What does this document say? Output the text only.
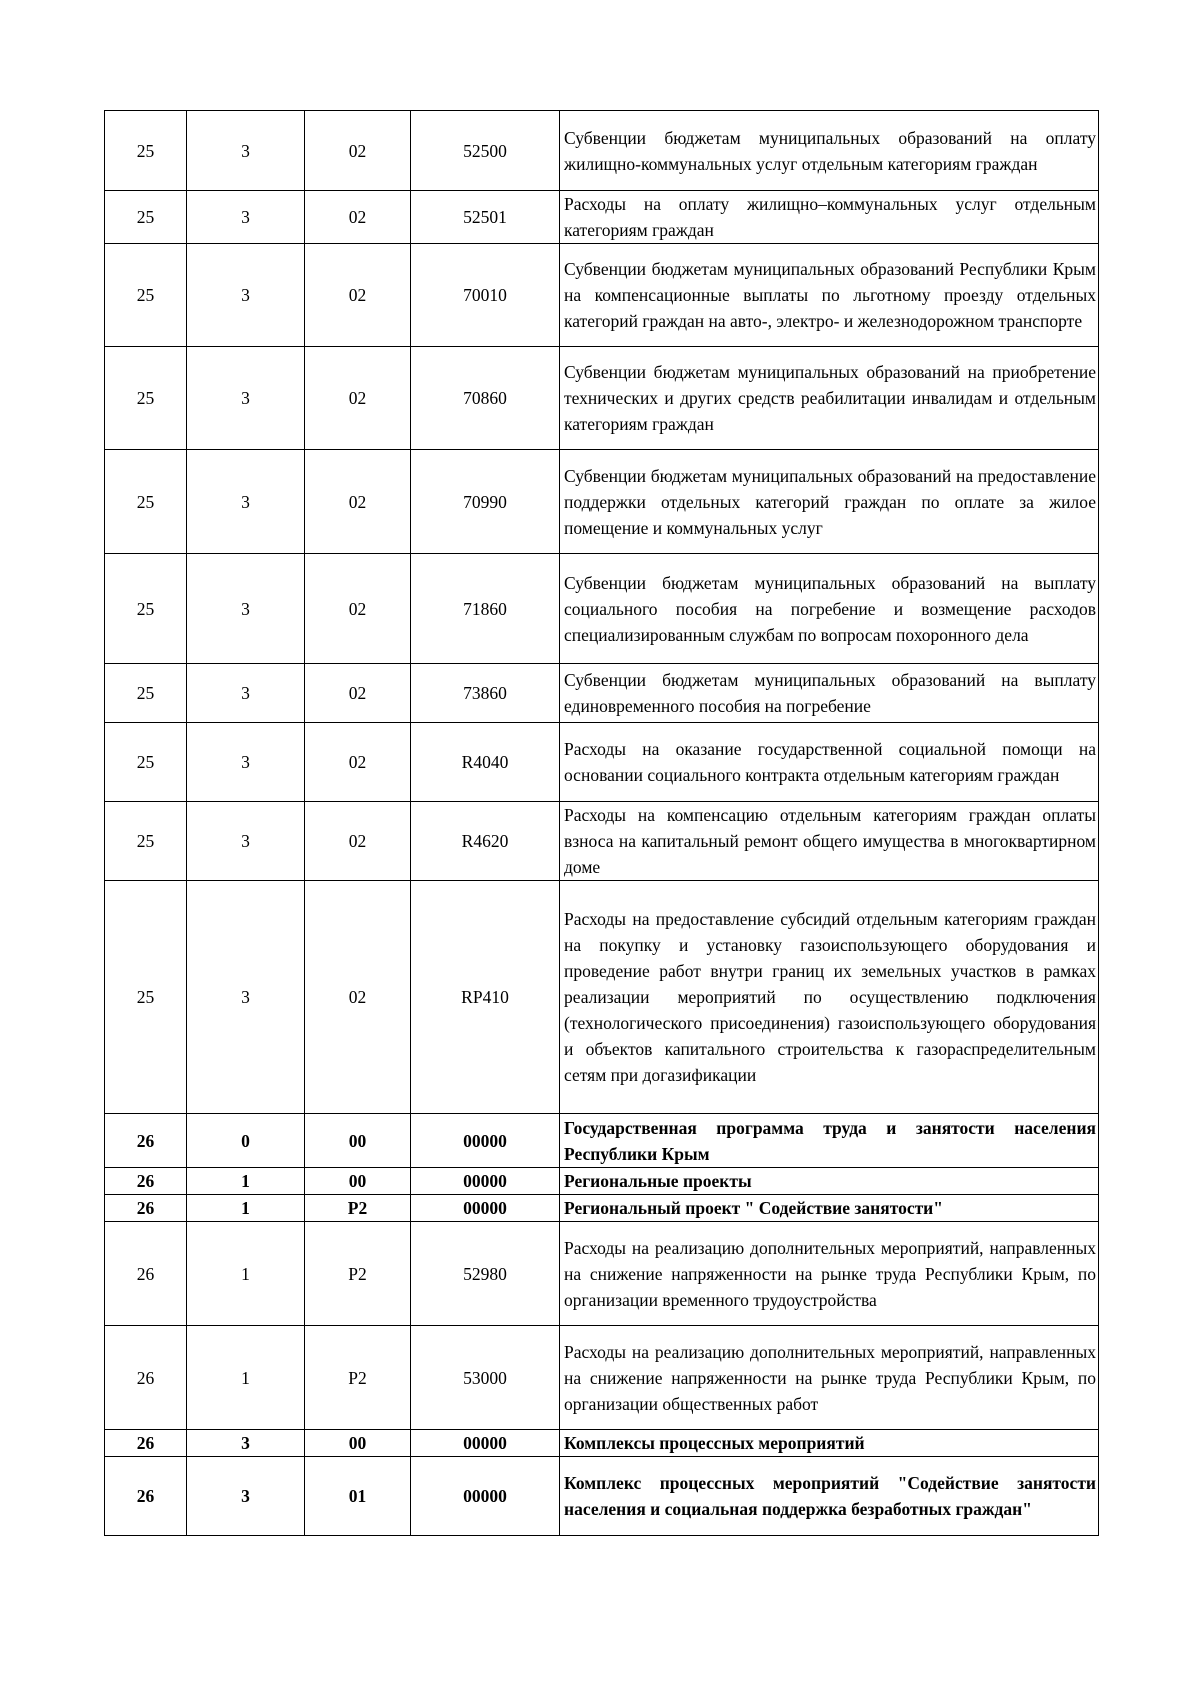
25	3	02	52500	Субвенции бюджетам муниципальных образований на оплату жилищно-коммунальных услуг отдельным категориям граждан
25	3	02	52501	Расходы на оплату жилищно–коммунальных услуг отдельным категориям граждан
25	3	02	70010	Субвенции бюджетам муниципальных образований Республики Крым на компенсационные выплаты по льготному проезду отдельных категорий граждан на авто-, электро- и железнодорожном транспорте
25	3	02	70860	Субвенции бюджетам муниципальных образований на приобретение технических и других средств реабилитации инвалидам и отдельным категориям граждан
25	3	02	70990	Субвенции бюджетам муниципальных образований на предоставление поддержки отдельных категорий граждан по оплате за жилое помещение и коммунальных услуг
25	3	02	71860	Субвенции бюджетам муниципальных образований на выплату социального пособия на погребение и возмещение расходов специализированным службам по вопросам похоронного дела
25	3	02	73860	Субвенции бюджетам муниципальных образований на выплату единовременного пособия на погребение
25	3	02	R4040	Расходы на оказание государственной социальной помощи на основании социального контракта отдельным категориям граждан
25	3	02	R4620	Расходы на компенсацию отдельным категориям граждан оплаты взноса на капитальный ремонт общего имущества в многоквартирном доме
25	3	02	RP410	Расходы на предоставление субсидий отдельным категориям граждан на покупку и установку газоиспользующего оборудования и проведение работ внутри границ их земельных участков в рамках реализации мероприятий по осуществлению подключения (технологического присоединения) газоиспользующего оборудования и объектов капитального строительства к газораспределительным сетям при догазификации
26	0	00	00000	Государственная программа труда и занятости населения Республики Крым
26	1	00	00000	Региональные проекты
26	1	Р2	00000	Региональный проект " Содействие занятости"
26	1	Р2	52980	Расходы на реализацию дополнительных мероприятий, направленных на снижение напряженности на рынке труда Республики Крым, по организации временного трудоустройства
26	1	Р2	53000	Расходы на реализацию дополнительных мероприятий, направленных на снижение напряженности на рынке труда Республики Крым, по организации общественных работ
26	3	00	00000	Комплексы процессных мероприятий
26	3	01	00000	Комплекс процессных мероприятий "Содействие занятости населения и социальная поддержка безработных граждан"
